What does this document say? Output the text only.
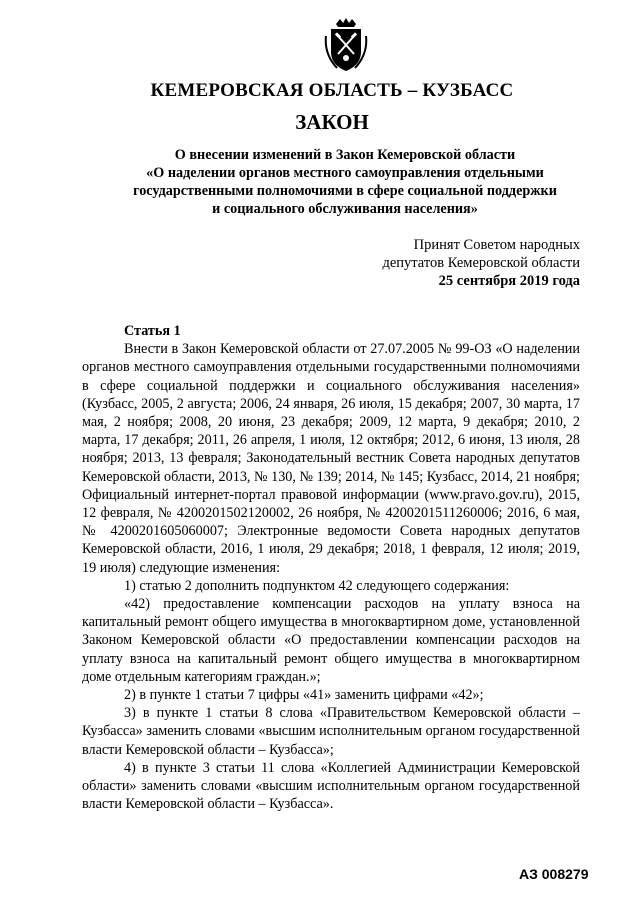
КЕМЕРОВСКАЯ ОБЛАСТЬ – КУЗБАСС
ЗАКОН
О внесении изменений в Закон Кемеровской области
«О наделении органов местного самоуправления отдельными
государственными полномочиями в сфере социальной поддержки
и социального обслуживания населения»
Принят Советом народных
депутатов Кемеровской области
25 сентября 2019 года
Статья 1
Внести в Закон Кемеровской области от 27.07.2005 № 99-ОЗ «О наделении органов местного самоуправления отдельными государственными полномочиями в сфере социальной поддержки и социального обслуживания населения» (Кузбасс, 2005, 2 августа; 2006, 24 января, 26 июля, 15 декабря; 2007, 30 марта, 17 мая, 2 ноября; 2008, 20 июня, 23 декабря; 2009, 12 марта, 9 декабря; 2010, 2 марта, 17 декабря; 2011, 26 апреля, 1 июля, 12 октября; 2012, 6 июня, 13 июля, 28 ноября; 2013, 13 февраля; Законодательный вестник Совета народных депутатов Кемеровской области, 2013, № 130, № 139; 2014, № 145; Кузбасс, 2014, 21 ноября; Официальный интернет-портал правовой информации (www.pravo.gov.ru), 2015, 12 февраля, № 4200201502120002, 26 ноября, № 4200201511260006; 2016, 6 мая, № 4200201605060007; Электронные ведомости Совета народных депутатов Кемеровской области, 2016, 1 июля, 29 декабря; 2018, 1 февраля, 12 июля; 2019, 19 июля) следующие изменения:
1) статью 2 дополнить подпунктом 42 следующего содержания:
«42) предоставление компенсации расходов на уплату взноса на капитальный ремонт общего имущества в многоквартирном доме, установленной Законом Кемеровской области «О предоставлении компенсации расходов на уплату взноса на капитальный ремонт общего имущества в многоквартирном доме отдельным категориям граждан.»;
2) в пункте 1 статьи 7 цифры «41» заменить цифрами «42»;
3) в пункте 1 статьи 8 слова «Правительством Кемеровской области – Кузбасса» заменить словами «высшим исполнительным органом государственной власти Кемеровской области – Кузбасса»;
4) в пункте 3 статьи 11 слова «Коллегией Администрации Кемеровской области» заменить словами «высшим исполнительным органом государственной власти Кемеровской области – Кузбасса».
АЗ 008279
